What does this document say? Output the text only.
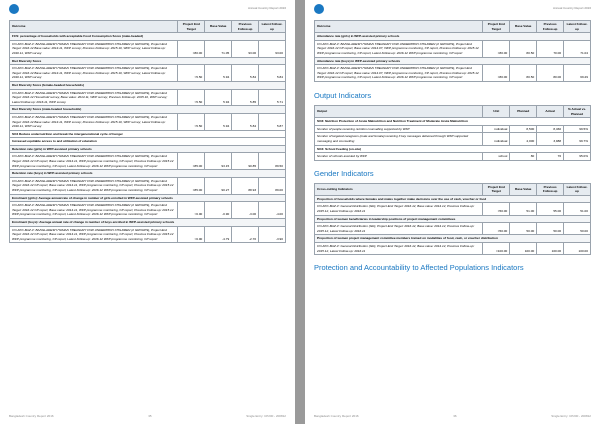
Annual Country Report 2016
Outcome	Project End Target	Base Value	Previous Follow-up	Latest Follow-up
FCS: percentage of households with acceptable Food Consumption Score (male-headed)				
CO-FFC-BAZ-V: BANGLADESH HUMAN TREASURY FOR UNDERPRIVI CHILDREN (2 GROUPS), Project End Target: 2016.12 Base value: 2014.11, WFP survey; Previous Follow-up: 2015.10, WFP survey; Latest Follow-up: 2016.11, WFP survey	=80.00	71.05	93.00	93.00
Diet Diversity Score				
CO-FFC-BAZ-V: BANGLADESH HUMAN TREASURY FOR UNDERPRIVI CHILDREN (2 GROUPS), Project End Target: 2016.12 Base value: 2014.11, WFP survey; Previous Follow-up: 2015.10, WFP survey; Latest Follow-up: 2016.11, WFP survey	>5.50	5.94	5.84	5.84
Diet Diversity Score (female-headed households)				
CO-FFC-BAZ-V: BANGLADESH HUMAN TREASURY FOR UNDERPRIVI CHILDREN (2 GROUPS), Project End Target: 2016.12 Household survey, Base value: 2014.11, WFP survey; Previous Follow-up: 2015.10, WFP survey; Latest Follow-up: 2016.11, WFP survey	>5.50	5.94	5.85	5.71
Diet Diversity Score (male-headed households)				
CO-FFC-BAZ-V: BANGLADESH HUMAN TREASURY FOR UNDERPRIVI CHILDREN (2 GROUPS), Project End Target: 2016.12 Base value: 2014.11, WFP survey; Previous Follow-up: 2015.10, WFP survey; Latest Follow-up: 2016.11, WFP survey	>5.50	5.94	5.84	5.87
SO4 Reduce undernutrition and break the intergenerational cycle of hunger				
Increased equitable access to and utilization of education				
Retention rate (girls) in WFP-assisted primary schools				
CO-FFC-BAZ-V: BANGLADESH HUMAN TREASURY FOR UNDERPRIVI CHILDREN (2 GROUPS), Project End Target: 2016.12 CP report, Base value: 2014.11, WFP programme monitoring, CP report, Previous Follow-up: 2015.12 WFP programme monitoring, CP report, Latest Follow-up: 2016.12 WFP programme monitoring, CP report	=85.00	93.15	90.85	89.50
Retention rate (boys) in WFP-assisted primary schools				
CO-FFC-BAZ-V: BANGLADESH HUMAN TREASURY FOR UNDERPRIVI CHILDREN (2 GROUPS), Project End Target: 2016.12 CP report, Base value: 2014.11, WFP programme monitoring, CP report, Previous Follow-up: 2015.12 WFP programme monitoring, CP report, Latest Follow-up: 2016.12 WFP programme monitoring, CP report	=85.00	90.27	88.93	89.00
Enrolment (girls): Average annual rate of change in number of girls enrolled in WFP-assisted primary schools				
CO-FFC-BAZ-V: BANGLADESH HUMAN TREASURY FOR UNDERPRIVI CHILDREN (2 GROUPS), Project End Target: 2016.12 CP report, Base value: 2014.11, WFP programme monitoring, CP report, Previous Follow-up: 2015.12 WFP programme monitoring, CP report, Latest Follow-up: 2016.12 WFP programme monitoring, CP report	>6.00	-0.90	-3.00	-4.00
Enrolment (boys): Average annual rate of change in number of boys enrolled in WFP-assisted primary schools				
CO-FFC-BAZ-V: BANGLADESH HUMAN TREASURY FOR UNDERPRIVI CHILDREN (2 GROUPS), Project End Target: 2016.12 CP report, Base value: 2014.11, WFP programme monitoring, CP report, Previous Follow-up: 2015.12 WFP programme monitoring, CP report, Latest Follow-up: 2016.12 WFP programme monitoring, CP report	>6.00	-4.79	-2.70	-3.90
Bangladesh Country Report 2016	35	Single Entry: CP200 - 200812
Annual Country Report 2016
Outcome	Project End Target	Base Value	Previous Follow-up	Latest Follow-up
Attendance rate (girls) in WFP-assisted primary schools				
CO-FFC-BAZ-V: BANGLADESH HUMAN TREASURY FOR UNDERPRIVI CHILDREN (2 GROUPS), Project End Target: 2016.12 CP report, Base value: 2014.07, WFP programme monitoring, CP report, Previous Follow-up: 2015.12 WFP programme monitoring, CP report, Latest Follow-up: 2016.12 WFP programme monitoring, CP report	=80.00	80.50	70.00	71.04
Attendance rate (boys) in WFP-assisted primary schools				
CO-FFC-BAZ-V: BANGLADESH HUMAN TREASURY FOR UNDERPRIVI CHILDREN (2 GROUPS), Project End Target: 2016.12 CP report, Base value: 2014.07, WFP programme monitoring, CP report, Previous Follow-up: 2015.12 WFP programme monitoring, CP report, Latest Follow-up: 2016.12 WFP programme monitoring, CP report	=80.00	80.50	80.00	69.29
Output Indicators
Output	Unit	Planned	Actual	% Actual vs. Planned
SO3: Nutrition Protection of Acute Malnutrition and Nutrition Treatment of Moderate Acute Malnutrition				
Number of people receiving nutrition counselling supported by WFP	individual	8,500	8,460	99.5%
Number of targeted caregivers (male and female) receiving 3 key messages delivered through WFP supported messaging and counselling	individual	4,000	3,988	99.7%
SO4: School Feeding (on-site)				
Number of schools assisted by WFP	school	80	76	95.0%
Gender Indicators
Cross-cutting Indicators	Project End Target	Base Value	Previous Follow-up	Latest Follow-up
Proportion of households where females and males together make decisions over the use of cash, voucher or food				
CO-FFC-BAZ-V: General Distribution (GD), Project End Target: 2016.12, Base value: 2014.12, Previous Follow-up: 2015.12, Latest Follow-up: 2016.11	=50.00	51.00	55.00	51.00
Proportion of women beneficiaries in leadership positions of project management committees				
CO-FFC-BAZ-V: General Distribution (GD), Project End Target: 2016.12, Base value: 2014.12, Previous Follow-up: 2015.12, Latest Follow-up: 2016.11	=50.00	50.00	50.00	50.00
Proportion of women project management committee members trained on modalities of food, cash, or voucher distribution				
CO-FFC-BAZ-V: General Distribution (GD), Project End Target: 2016.12, Base value: 2014.12, Previous Follow-up: 2015.12, Latest Follow-up: 2016.11	=100.00	100.00	100.00	100.00
Protection and Accountability to Affected Populations Indicators
Bangladesh Country Report 2016	36	Single Entry: CP200 - 200812
